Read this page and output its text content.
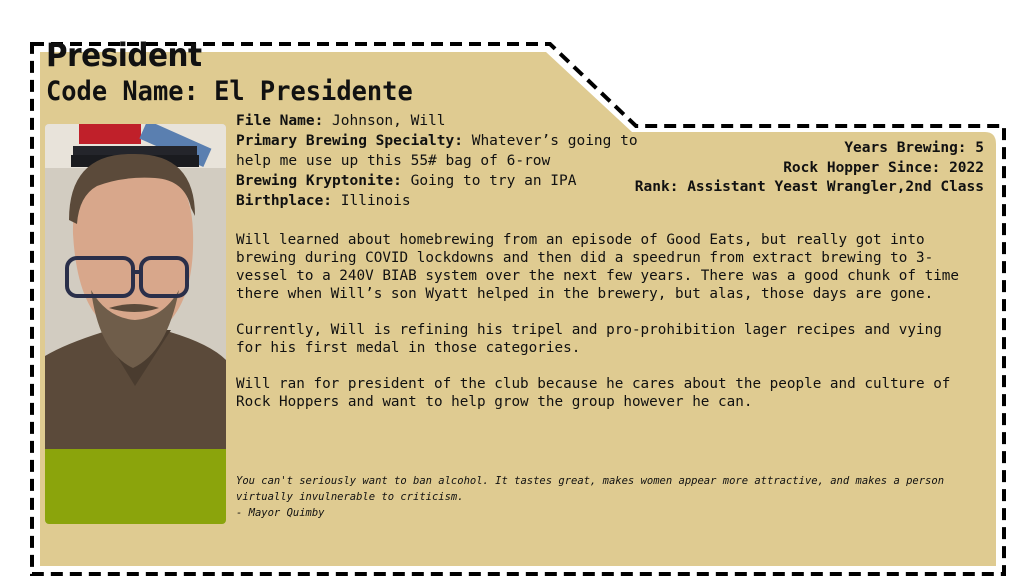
President
Code Name: El Presidente

File Name: Johnson, Will

Primary Brewing Specialty: Whatever’s going to help me use up this 55# bag of 6-row

Brewing Kryptonite: Going to try an IPA

Birthplace: Illinois

Years Brewing: 5

Rock Hopper Since: 2022

Rank: Assistant Yeast Wrangler,2nd Class

Will learned about homebrewing from an episode of Good Eats, but really got into brewing during COVID lockdowns and then did a speedrun from extract brewing to 3-vessel to a 240V BIAB system over the next few years. There was a good chunk of time there when Will’s son Wyatt helped in the brewery, but alas, those days are gone.

Currently, Will is refining his tripel and pro-prohibition lager recipes and vying for his first medal in those categories.

Will ran for president of the club because he cares about the people and culture of Rock Hoppers and want to help grow the group however he can.

You can't seriously want to ban alcohol. It tastes great, makes women appear more attractive, and makes a person virtually invulnerable to criticism.

- Mayor Quimby
